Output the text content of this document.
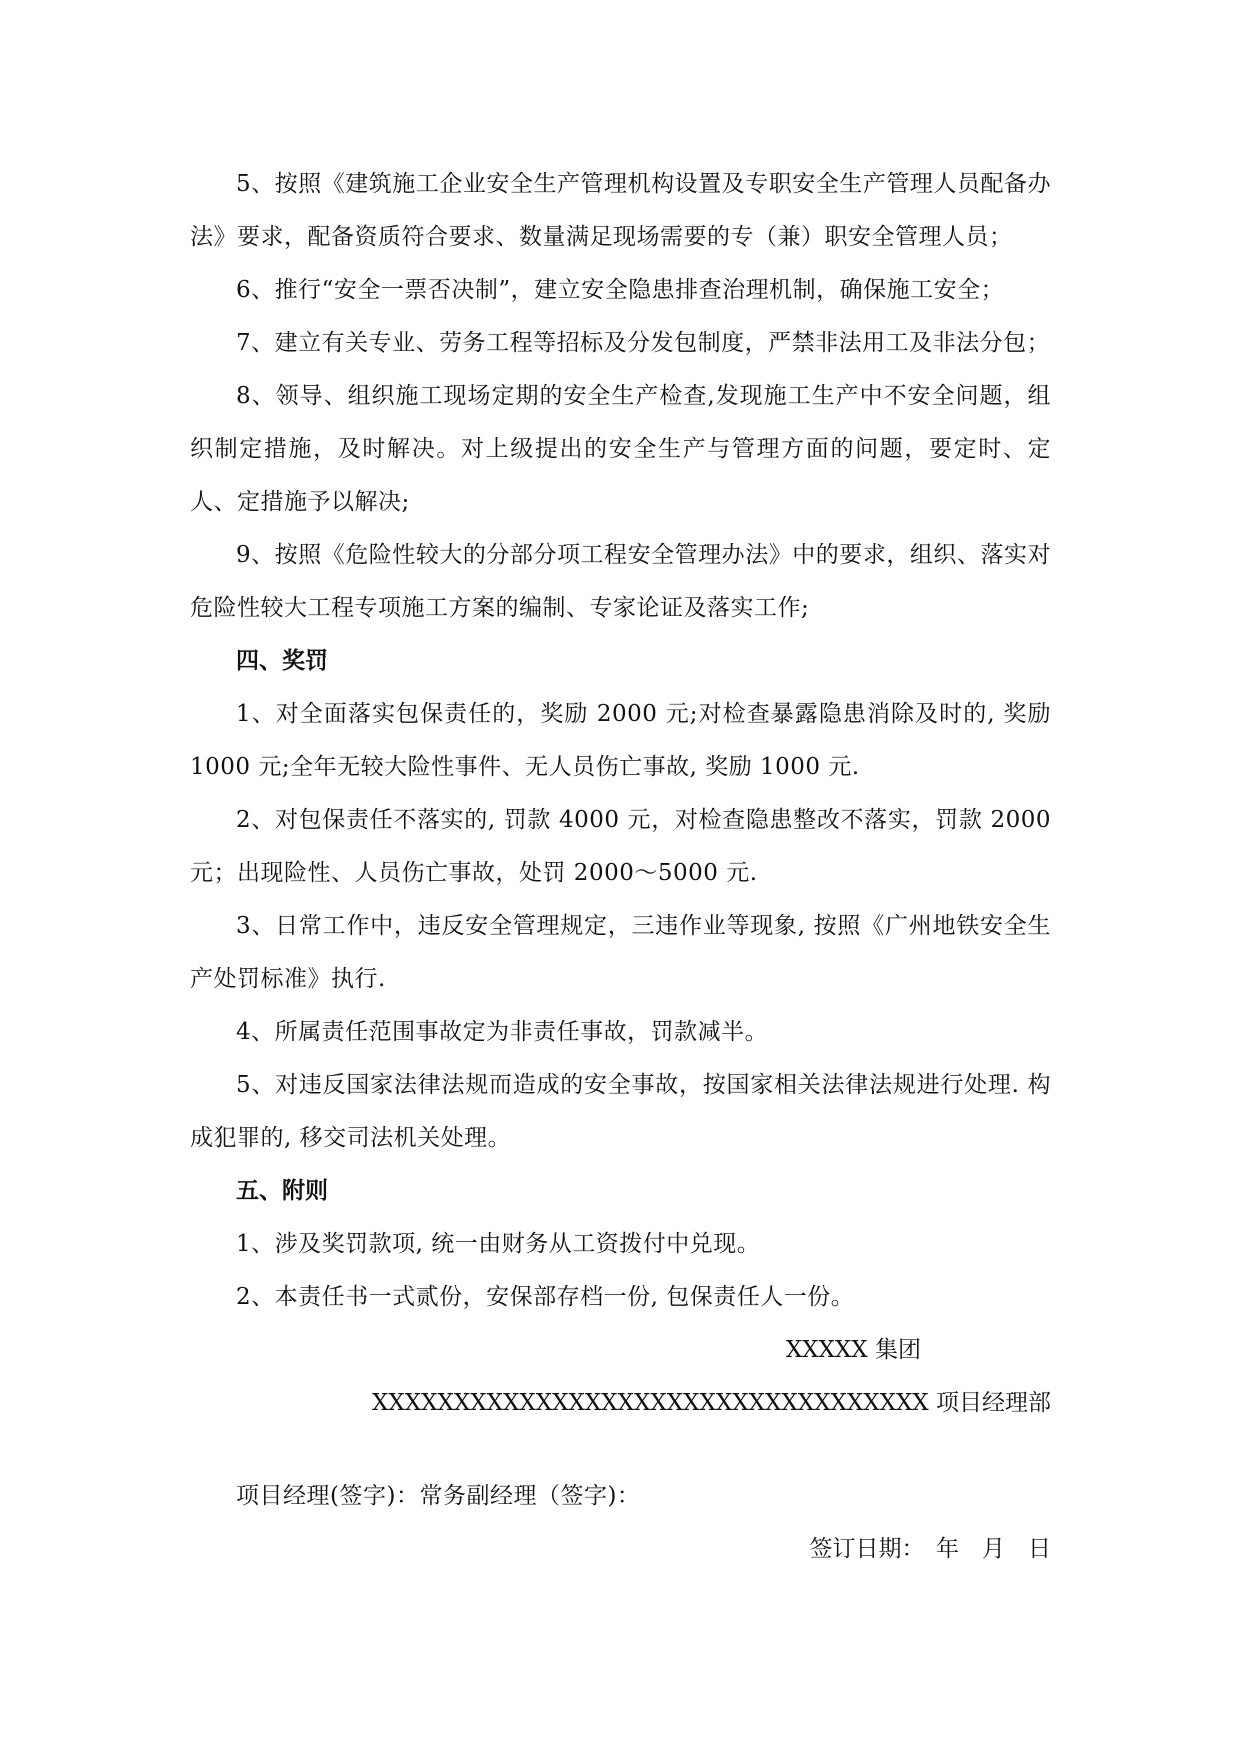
5、按照《建筑施工企业安全生产管理机构设置及专职安全生产管理人员配备办法》要求，配备资质符合要求、数量满足现场需要的专（兼）职安全管理人员；

6、推行“安全一票否决制”，建立安全隐患排查治理机制，确保施工安全；

7、建立有关专业、劳务工程等招标及分发包制度，严禁非法用工及非法分包；

8、领导、组织施工现场定期的安全生产检查,发现施工生产中不安全问题，组织制定措施，及时解决。对上级提出的安全生产与管理方面的问题，要定时、定人、定措施予以解决;

9、按照《危险性较大的分部分项工程安全管理办法》中的要求，组织、落实对危险性较大工程专项施工方案的编制、专家论证及落实工作;

四、奖罚

1、对全面落实包保责任的，奖励 2000 元;对检查暴露隐患消除及时的, 奖励 1000 元;全年无较大险性事件、无人员伤亡事故, 奖励 1000 元.

2、对包保责任不落实的, 罚款 4000 元，对检查隐患整改不落实，罚款 2000 元；出现险性、人员伤亡事故，处罚 2000～5000 元.

3、日常工作中，违反安全管理规定，三违作业等现象, 按照《广州地铁安全生产处罚标准》执行.

4、所属责任范围事故定为非责任事故，罚款减半。

5、对违反国家法律法规而造成的安全事故，按国家相关法律法规进行处理. 构成犯罪的, 移交司法机关处理。

五、附则

1、涉及奖罚款项, 统一由财务从工资拨付中兑现。

2、本责任书一式贰份，安保部存档一份, 包保责任人一份。

XXXXX 集团

XXXXXXXXXXXXXXXXXXXXXXXXXXXXXXXXXX 项目经理部

项目经理(签字)：常务副经理（签字)：

签订日期：　年　月　日
